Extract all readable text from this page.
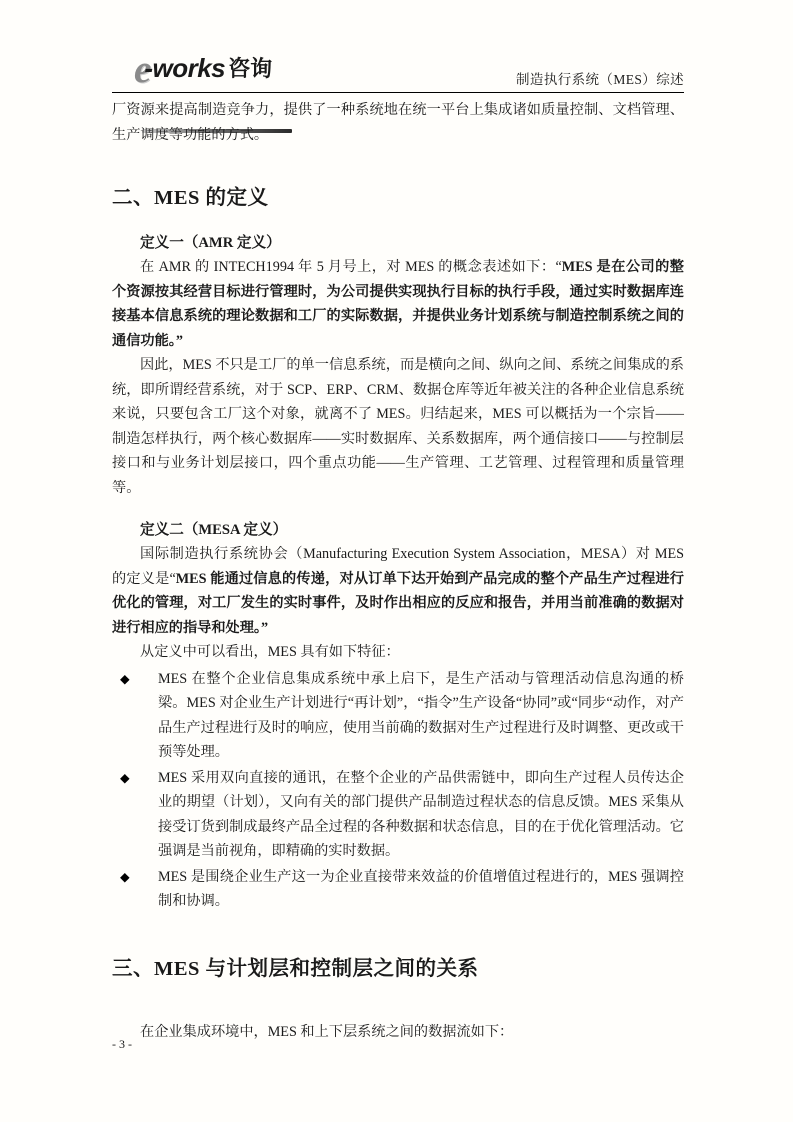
e-works 咨询	制造执行系统（MES）综述

厂资源来提高制造竞争力，提供了一种系统地在统一平台上集成诸如质量控制、文档管理、生产调度等功能的方式。

二、MES 的定义
定义一（AMR 定义）

在 AMR 的 INTECH1994 年 5 月号上，对 MES 的概念表述如下：“MES 是在公司的整个资源按其经营目标进行管理时，为公司提供实现执行目标的执行手段，通过实时数据库连接基本信息系统的理论数据和工厂的实际数据，并提供业务计划系统与制造控制系统之间的通信功能。”

因此，MES 不只是工厂的单一信息系统，而是横向之间、纵向之间、系统之间集成的系统，即所谓经营系统，对于 SCP、ERP、CRM、数据仓库等近年被关注的各种企业信息系统来说，只要包含工厂这个对象，就离不了 MES。归结起来，MES 可以概括为一个宗旨——制造怎样执行，两个核心数据库——实时数据库、关系数据库，两个通信接口——与控制层接口和与业务计划层接口，四个重点功能——生产管理、工艺管理、过程管理和质量管理等。

定义二（MESA 定义）

国际制造执行系统协会（Manufacturing Execution System Association，MESA）对 MES 的定义是“MES 能通过信息的传递，对从订单下达开始到产品完成的整个产品生产过程进行优化的管理，对工厂发生的实时事件，及时作出相应的反应和报告，并用当前准确的数据对进行相应的指导和处理。”

从定义中可以看出，MES 具有如下特征：

◆ MES 在整个企业信息集成系统中承上启下，是生产活动与管理活动信息沟通的桥梁。MES 对企业生产计划进行“再计划”，“指令”生产设备“协同”或“同步“动作，对产品生产过程进行及时的响应，使用当前确的数据对生产过程进行及时调整、更改或干预等处理。
◆ MES 采用双向直接的通讯，在整个企业的产品供需链中，即向生产过程人员传达企业的期望（计划），又向有关的部门提供产品制造过程状态的信息反馈。MES 采集从接受订货到制成最终产品全过程的各种数据和状态信息，目的在于优化管理活动。它强调是当前视角，即精确的实时数据。
◆ MES 是围绕企业生产这一为企业直接带来效益的价值增值过程进行的，MES 强调控制和协调。
三、MES 与计划层和控制层之间的关系

在企业集成环境中，MES 和上下层系统之间的数据流如下：

- 3 -
